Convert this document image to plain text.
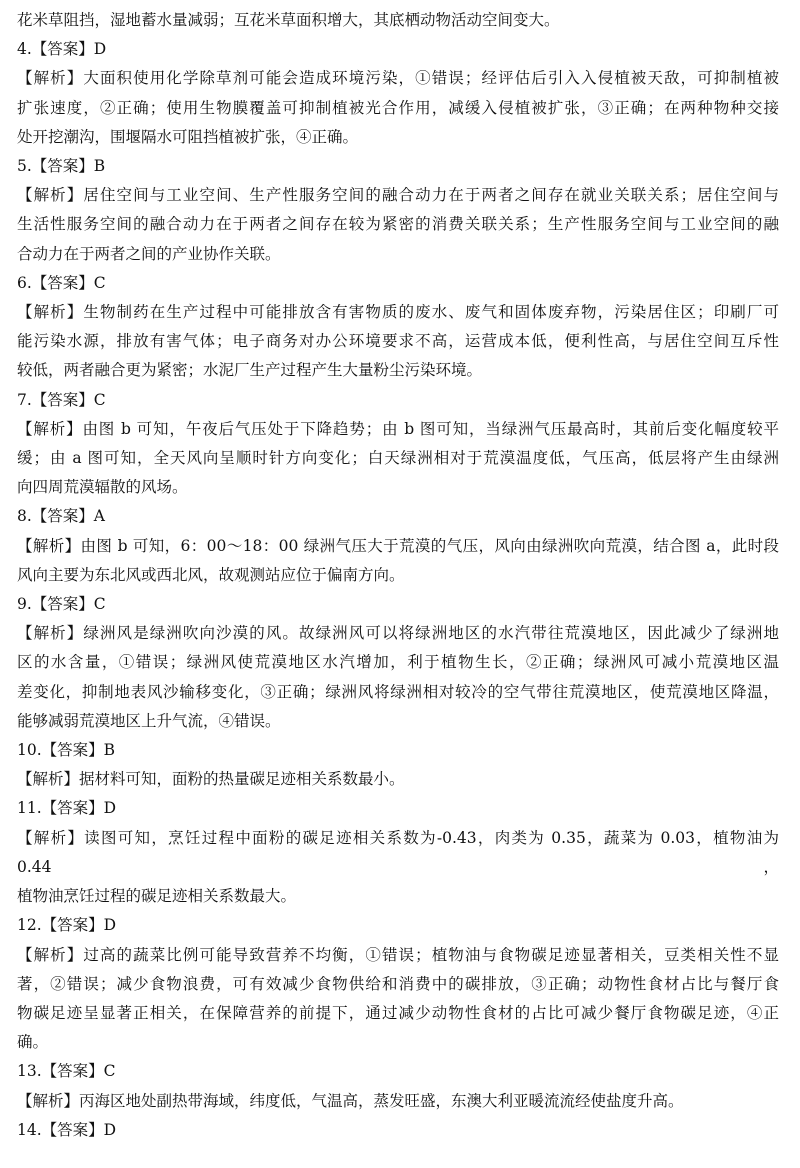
花米草阻挡，湿地蓄水量减弱；互花米草面积增大，其底栖动物活动空间变大。
4.【答案】D
【解析】大面积使用化学除草剂可能会造成环境污染，①错误；经评估后引入入侵植被天敌，可抑制植被
扩张速度，②正确；使用生物膜覆盖可抑制植被光合作用，减缓入侵植被扩张，③正确；在两种物种交接
处开挖潮沟，围堰隔水可阻挡植被扩张，④正确。
5.【答案】B
【解析】居住空间与工业空间、生产性服务空间的融合动力在于两者之间存在就业关联关系；居住空间与
生活性服务空间的融合动力在于两者之间存在较为紧密的消费关联关系；生产性服务空间与工业空间的融
合动力在于两者之间的产业协作关联。
6.【答案】C
【解析】生物制药在生产过程中可能排放含有害物质的废水、废气和固体废弃物，污染居住区；印刷厂可
能污染水源，排放有害气体；电子商务对办公环境要求不高，运营成本低，便利性高，与居住空间互斥性
较低，两者融合更为紧密；水泥厂生产过程产生大量粉尘污染环境。
7.【答案】C
【解析】由图 b 可知，午夜后气压处于下降趋势；由 b 图可知，当绿洲气压最高时，其前后变化幅度较平
缓；由 a 图可知，全天风向呈顺时针方向变化；白天绿洲相对于荒漠温度低，气压高，低层将产生由绿洲
向四周荒漠辐散的风场。
8.【答案】A
【解析】由图 b 可知，6：00～18：00 绿洲气压大于荒漠的气压，风向由绿洲吹向荒漠，结合图 a，此时段
风向主要为东北风或西北风，故观测站应位于偏南方向。
9.【答案】C
【解析】绿洲风是绿洲吹向沙漠的风。故绿洲风可以将绿洲地区的水汽带往荒漠地区，因此减少了绿洲地
区的水含量，①错误；绿洲风使荒漠地区水汽增加，利于植物生长，②正确；绿洲风可减小荒漠地区温
差变化，抑制地表风沙输移变化，③正确；绿洲风将绿洲相对较冷的空气带往荒漠地区，使荒漠地区降温，
能够减弱荒漠地区上升气流，④错误。
10.【答案】B
【解析】据材料可知，面粉的热量碳足迹相关系数最小。
11.【答案】D
【解析】读图可知，烹饪过程中面粉的碳足迹相关系数为-0.43，肉类为 0.35，蔬菜为 0.03，植物油为 0.44，
植物油烹饪过程的碳足迹相关系数最大。
12.【答案】D
【解析】过高的蔬菜比例可能导致营养不均衡，①错误；植物油与食物碳足迹显著相关，豆类相关性不显
著，②错误；减少食物浪费，可有效减少食物供给和消费中的碳排放，③正确；动物性食材占比与餐厅食
物碳足迹呈显著正相关，在保障营养的前提下，通过减少动物性食材的占比可减少餐厅食物碳足迹，④正
确。
13.【答案】C
【解析】丙海区地处副热带海域，纬度低，气温高，蒸发旺盛，东澳大利亚暖流流经使盐度升高。
14.【答案】D
